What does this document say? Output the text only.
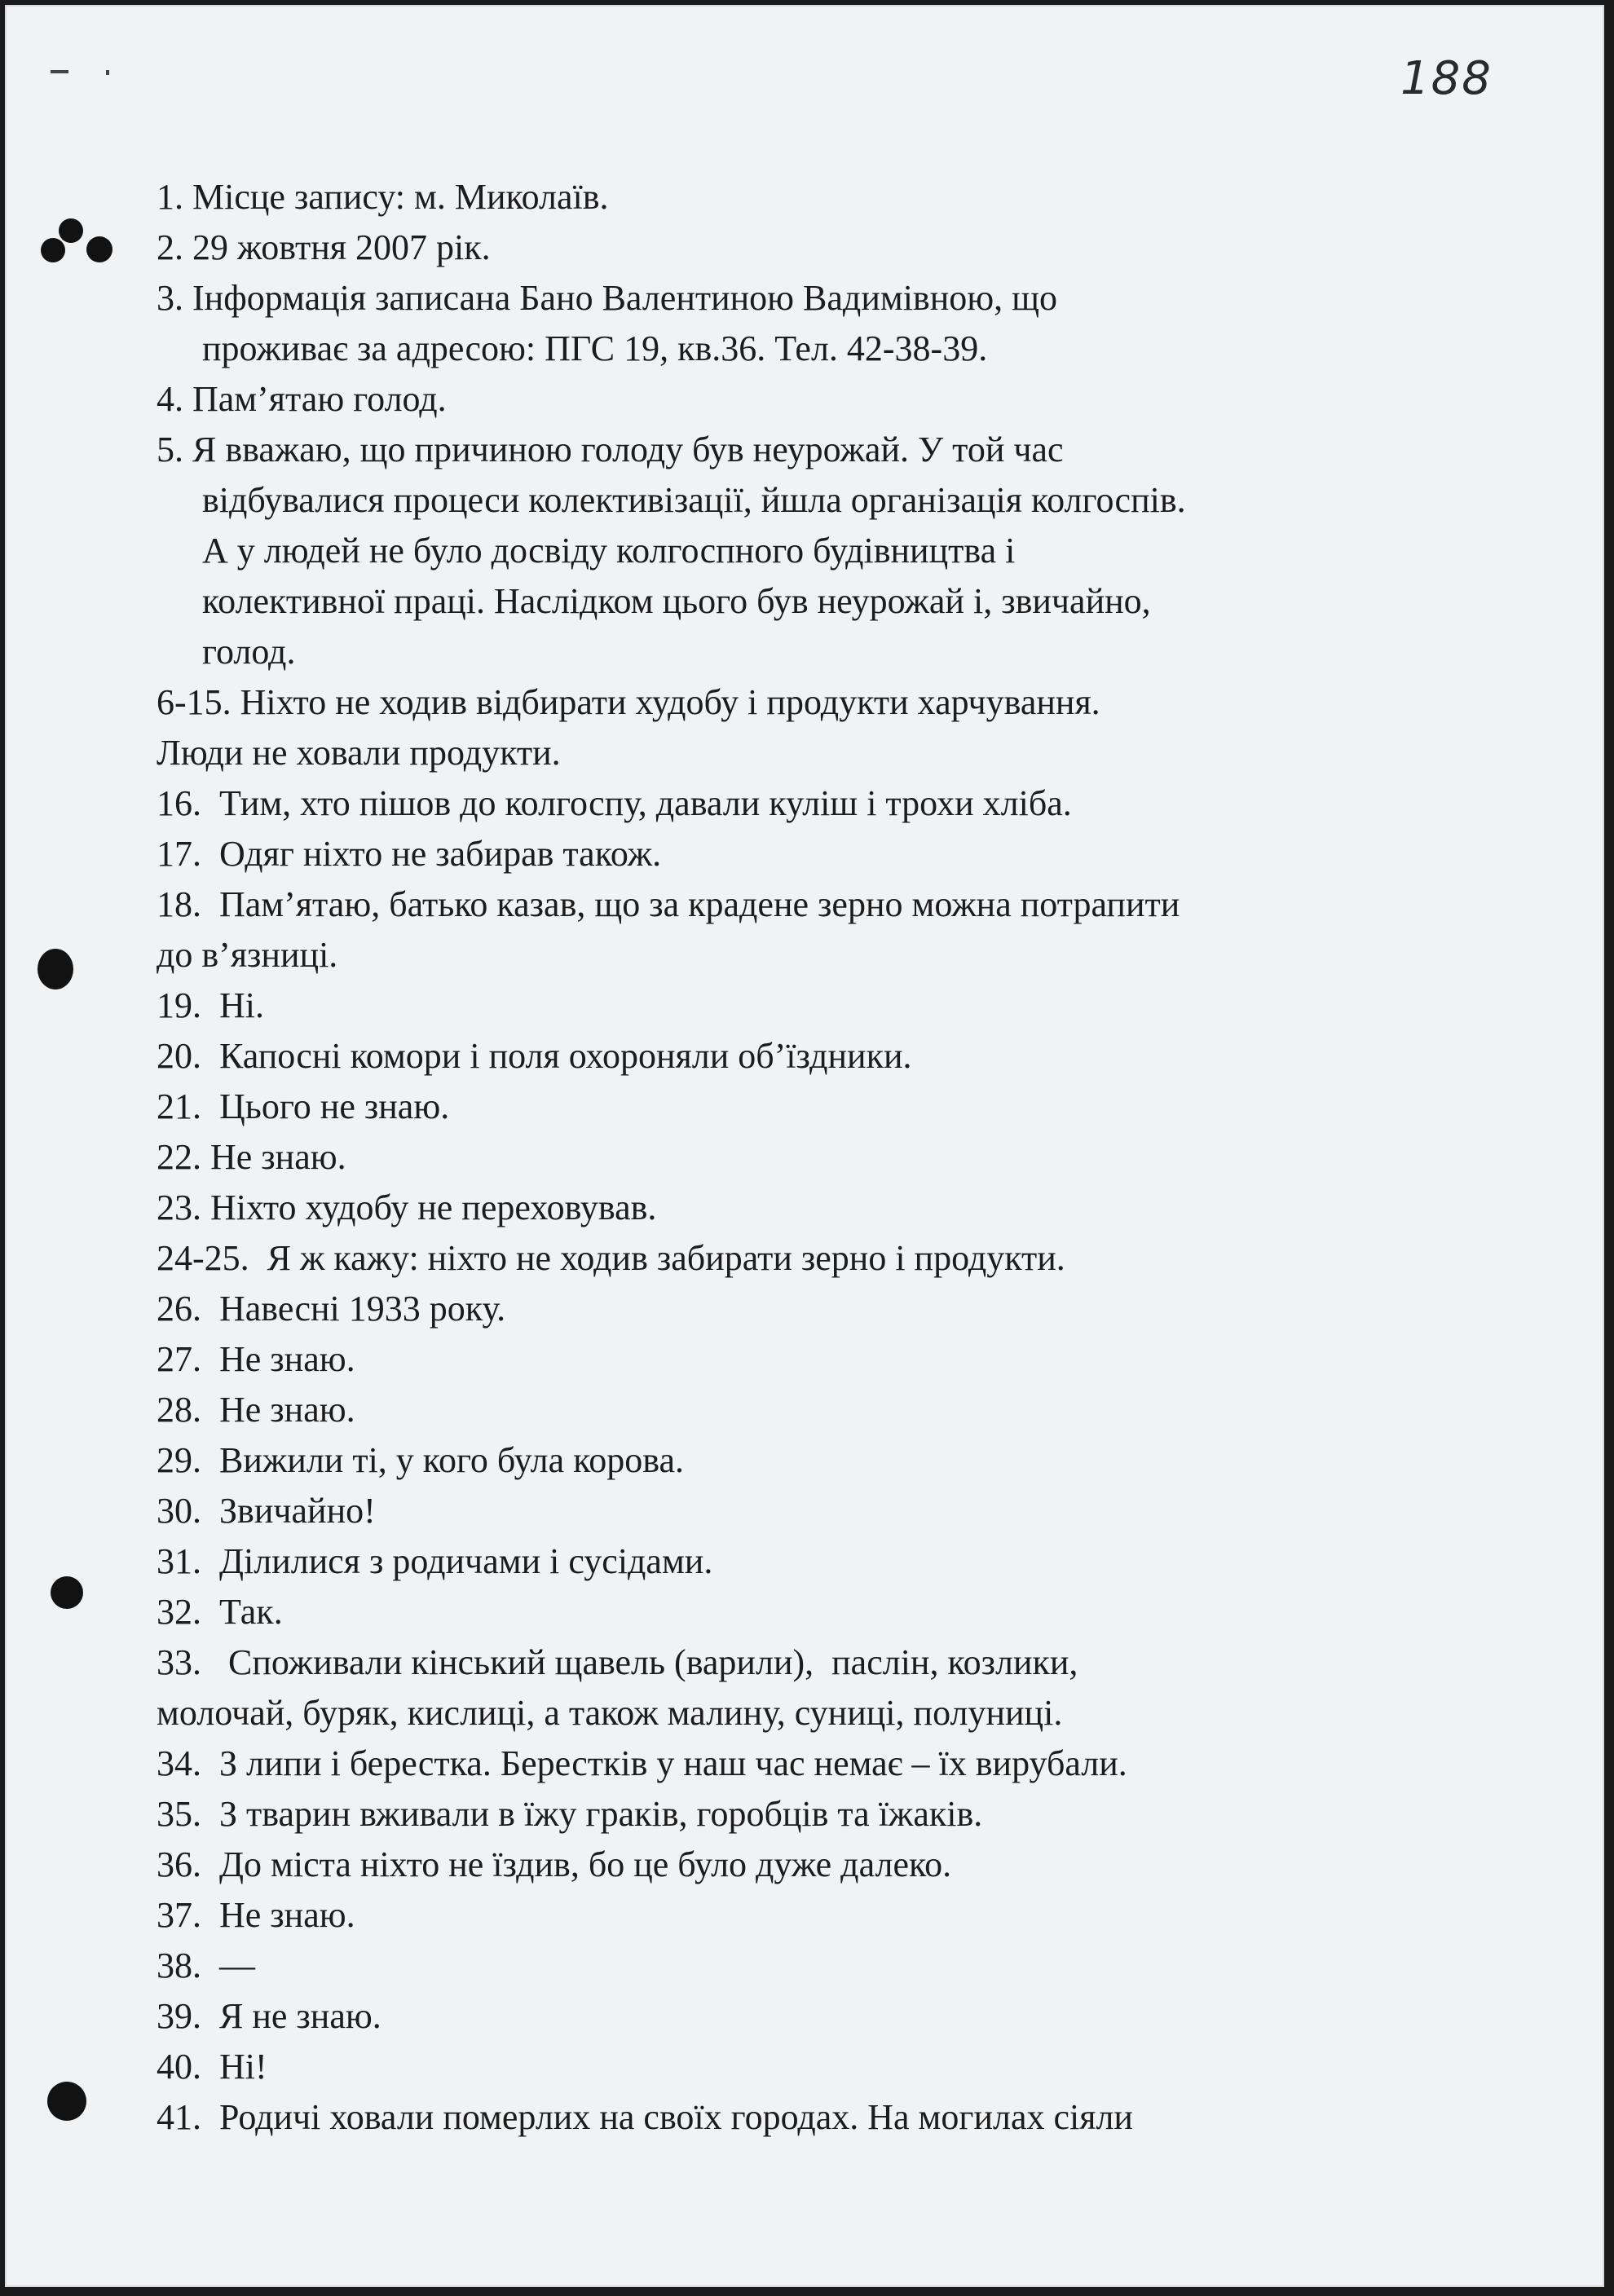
188
1. Місце запису: м. Миколаїв.
2. 29 жовтня 2007 рік.
3. Інформація записана Бано Валентиною Вадимівною, що
проживає за адресою: ПГС 19, кв.36. Тел. 42-38-39.
4. Пам’ятаю голод.
5. Я вважаю, що причиною голоду був неурожай. У той час
відбувалися процеси колективізації, йшла організація колгоспів.
А у людей не було досвіду колгоспного будівництва і
колективної праці. Наслідком цього був неурожай і, звичайно,
голод.
6-15. Ніхто не ходив відбирати худобу і продукти харчування.
Люди не ховали продукти.
16.  Тим, хто пішов до колгоспу, давали куліш і трохи хліба.
17.  Одяг ніхто не забирав також.
18.  Пам’ятаю, батько казав, що за крадене зерно можна потрапити
до в’язниці.
19.  Ні.
20.  Капосні комори і поля охороняли об’їздники.
21.  Цього не знаю.
22. Не знаю.
23. Ніхто худобу не переховував.
24-25.  Я ж кажу: ніхто не ходив забирати зерно і продукти.
26.  Навесні 1933 року.
27.  Не знаю.
28.  Не знаю.
29.  Вижили ті, у кого була корова.
30.  Звичайно!
31.  Ділилися з родичами і сусідами.
32.  Так.
33.   Споживали кінський щавель (варили),  паслін, козлики,
молочай, буряк, кислиці, а також малину, суниці, полуниці.
34.  З липи і берестка. Берестків у наш час немає – їх вирубали.
35.  З тварин вживали в їжу граків, горобців та їжаків.
36.  До міста ніхто не їздив, бо це було дуже далеко.
37.  Не знаю.
38.  —
39.  Я не знаю.
40.  Ні!
41.  Родичі ховали померлих на своїх городах. На могилах сіяли
